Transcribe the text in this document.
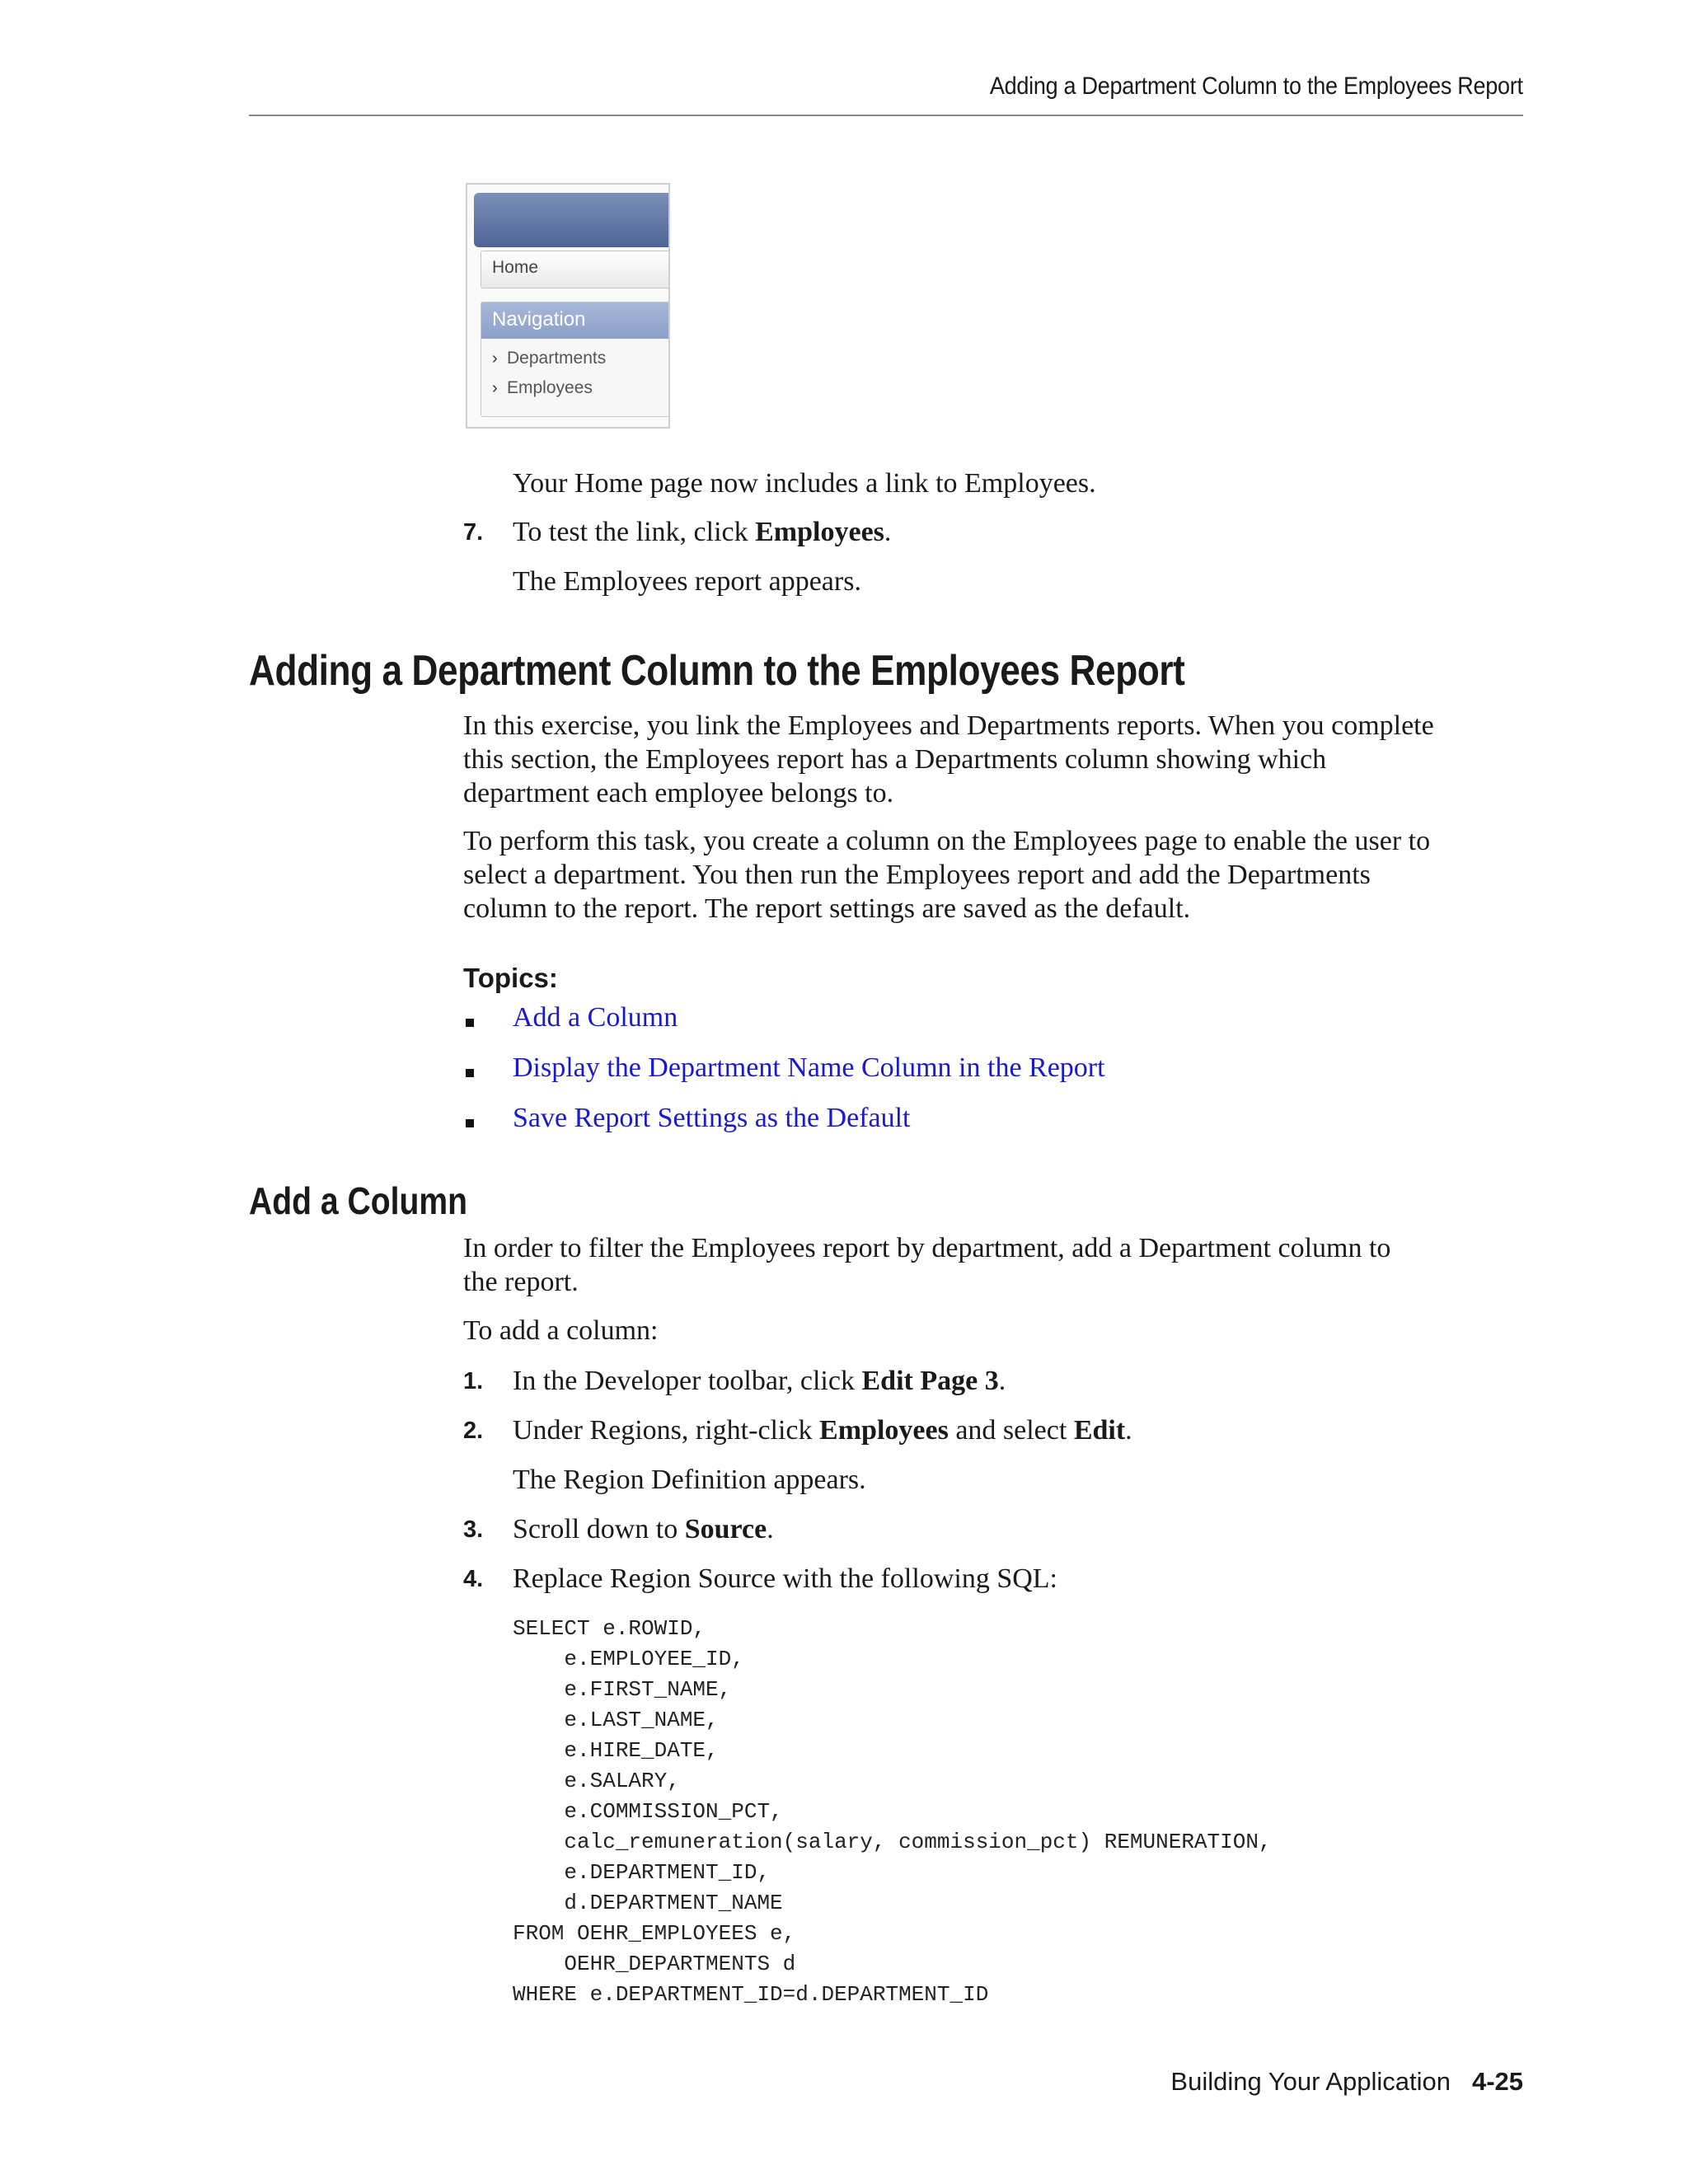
Adding a Department Column to the Employees Report
Home
Navigation
› Departments
› Employees
Your Home page now includes a link to Employees.
7. To test the link, click Employees.
The Employees report appears.
Adding a Department Column to the Employees Report
In this exercise, you link the Employees and Departments reports. When you complete
this section, the Employees report has a Departments column showing which
department each employee belongs to.
To perform this task, you create a column on the Employees page to enable the user to
select a department. You then run the Employees report and add the Departments
column to the report. The report settings are saved as the default.
Topics:
Add a Column
Display the Department Name Column in the Report
Save Report Settings as the Default
Add a Column
In order to filter the Employees report by department, add a Department column to
the report.
To add a column:
1. In the Developer toolbar, click Edit Page 3.
2. Under Regions, right-click Employees and select Edit.
The Region Definition appears.
3. Scroll down to Source.
4. Replace Region Source with the following SQL:
SELECT e.ROWID,
e.EMPLOYEE_ID,
e.FIRST_NAME,
e.LAST_NAME,
e.HIRE_DATE,
e.SALARY,
e.COMMISSION_PCT,
calc_remuneration(salary, commission_pct) REMUNERATION,
e.DEPARTMENT_ID,
d.DEPARTMENT_NAME
FROM OEHR_EMPLOYEES e,
OEHR_DEPARTMENTS d
WHERE e.DEPARTMENT_ID=d.DEPARTMENT_ID
Building Your Application 4-25
